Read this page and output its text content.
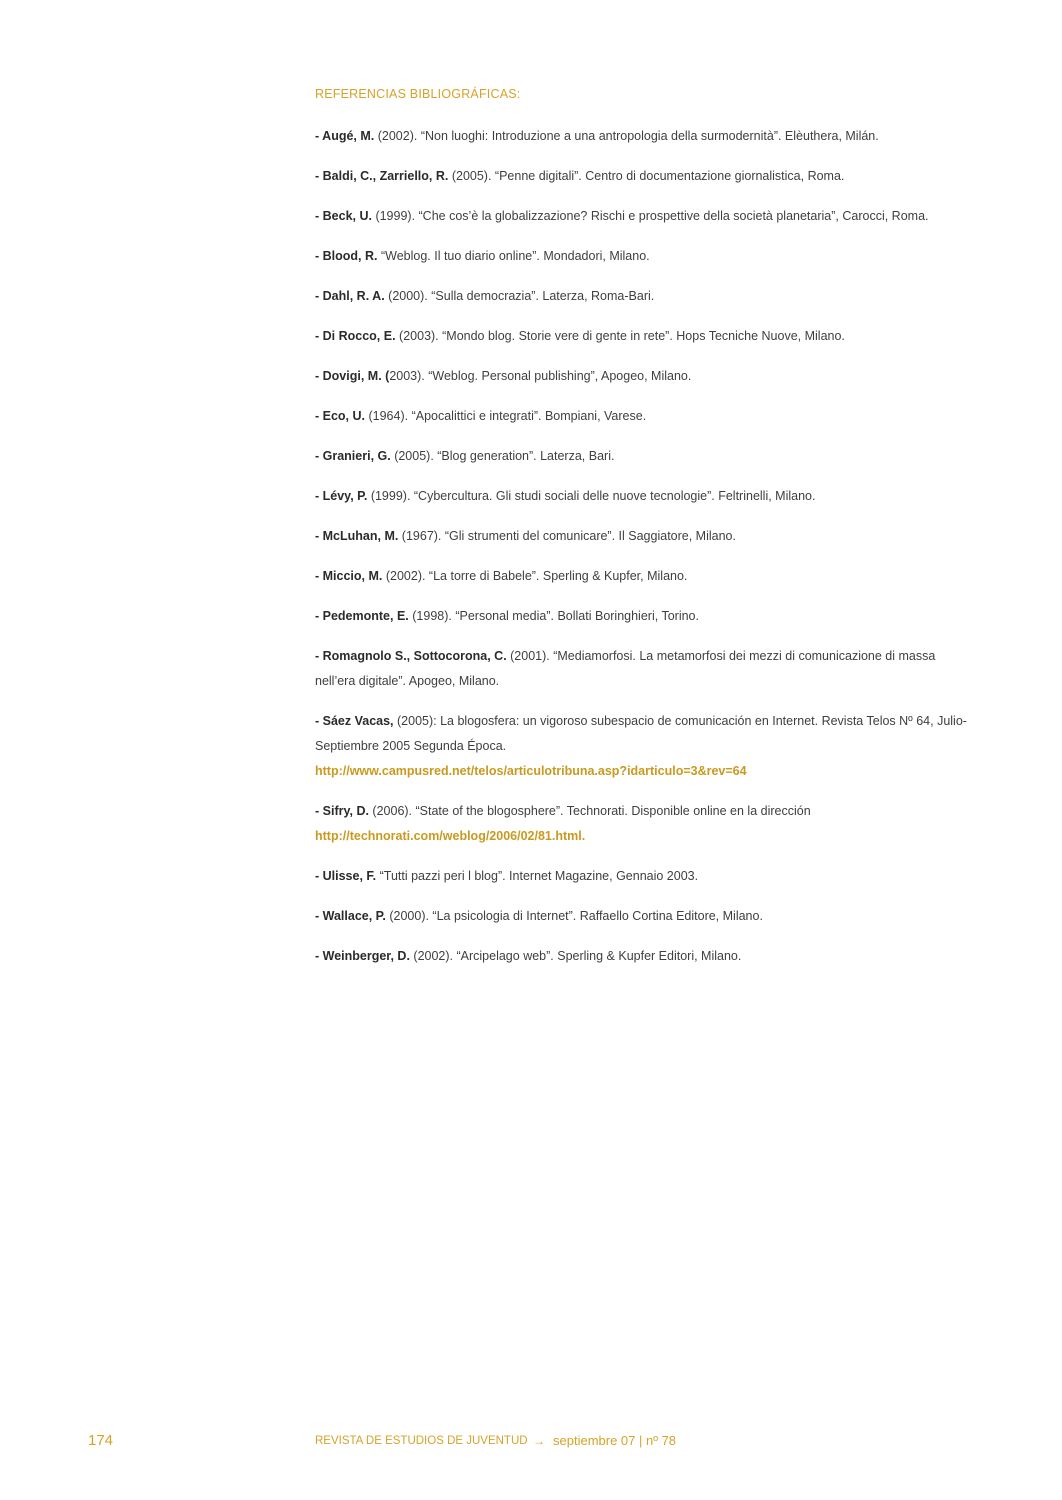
REFERENCIAS BIBLIOGRÁFICAS:
- Augé, M. (2002). “Non luoghi: Introduzione a una antropologia della surmodernità”. Elèuthera, Milán.
- Baldi, C., Zarriello, R. (2005). “Penne digitali”. Centro di documentazione giornalistica, Roma.
- Beck, U. (1999). “Che cos’è la globalizzazione? Rischi e prospettive della società planetaria”, Carocci, Roma.
- Blood, R. “Weblog. Il tuo diario online”. Mondadori, Milano.
- Dahl, R. A. (2000). “Sulla democrazia”. Laterza, Roma-Bari.
- Di Rocco, E. (2003). “Mondo blog. Storie vere di gente in rete”. Hops Tecniche Nuove, Milano.
- Dovigi, M. (2003). “Weblog. Personal publishing”, Apogeo, Milano.
- Eco, U. (1964). “Apocalittici e integrati”. Bompiani, Varese.
- Granieri, G. (2005). “Blog generation”. Laterza, Bari.
- Lévy, P. (1999). “Cybercultura. Gli studi sociali delle nuove tecnologie”. Feltrinelli, Milano.
- McLuhan, M. (1967). “Gli strumenti del comunicare”. Il Saggiatore, Milano.
- Miccio, M. (2002). “La torre di Babele”. Sperling & Kupfer, Milano.
- Pedemonte, E. (1998). “Personal media”. Bollati Boringhieri, Torino.
- Romagnolo S., Sottocorona, C. (2001). “Mediamorfosi. La metamorfosi dei mezzi di comunicazione di massa nell’era digitale”. Apogeo, Milano.
- Sáez Vacas, (2005): La blogosfera: un vigoroso subespacio de comunicación en Internet. Revista Telos Nº 64, Julio-Septiembre 2005 Segunda Época.
http://www.campusred.net/telos/articulotribuna.asp?idarticulo=3&rev=64
- Sifry, D. (2006). “State of the blogosphere”. Technorati. Disponible online en la dirección
http://technorati.com/weblog/2006/02/81.html.
- Ulisse, F. “Tutti pazzi peri l blog”. Internet Magazine, Gennaio 2003.
- Wallace, P. (2000). “La psicologia di Internet”. Raffaello Cortina Editore, Milano.
- Weinberger, D. (2002). “Arcipelago web”. Sperling & Kupfer Editori, Milano.
174	REVISTA DE ESTUDIOS DE JUVENTUD → septiembre 07 | nº 78
